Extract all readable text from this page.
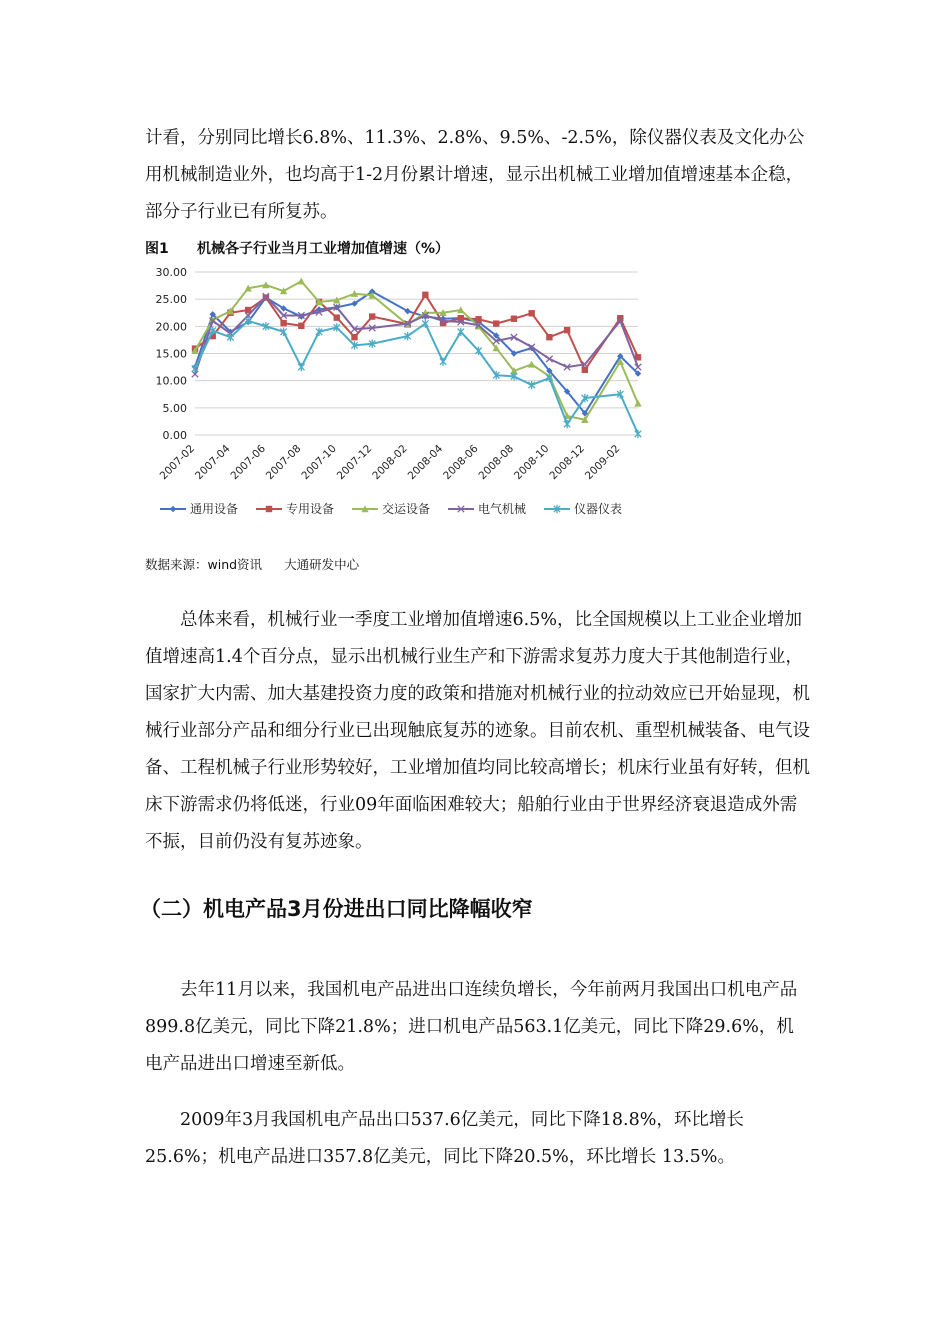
计看，分别同比增长6.8%、11.3%、2.8%、9.5%、-2.5%，除仪器仪表及文化办公用机械制造业外，也均高于1-2月份累计增速，显示出机械工业增加值增速基本企稳，部分子行业已有所复苏。

图1 机械各子行业当月工业增加值增速（%）
0.00
5.00
10.00
15.00
20.00
25.00
30.00
2007-02
2007-04
2007-06
2007-08
2007-10
2007-12
2008-02
2008-04
2008-06
2008-08
2008-10
2008-12
2009-02
通用设备	专用设备	交运设备	电气机械	仪器仪表
数据来源：wind资讯 大通研发中心

总体来看，机械行业一季度工业增加值增速6.5%，比全国规模以上工业企业增加值增速高1.4个百分点，显示出机械行业生产和下游需求复苏力度大于其他制造行业，国家扩大内需、加大基建投资力度的政策和措施对机械行业的拉动效应已开始显现，机械行业部分产品和细分行业已出现触底复苏的迹象。目前农机、重型机械装备、电气设备、工程机械子行业形势较好，工业增加值均同比较高增长；机床行业虽有好转，但机床下游需求仍将低迷，行业09年面临困难较大；船舶行业由于世界经济衰退造成外需不振，目前仍没有复苏迹象。

（二）机电产品3月份进出口同比降幅收窄

去年11月以来，我国机电产品进出口连续负增长，今年前两月我国出口机电产品899.8亿美元，同比下降21.8%；进口机电产品563.1亿美元，同比下降29.6%，机电产品进出口增速至新低。

2009年3月我国机电产品出口537.6亿美元，同比下降18.8%，环比增长25.6%；机电产品进口357.8亿美元，同比下降20.5%，环比增长 13.5%。
